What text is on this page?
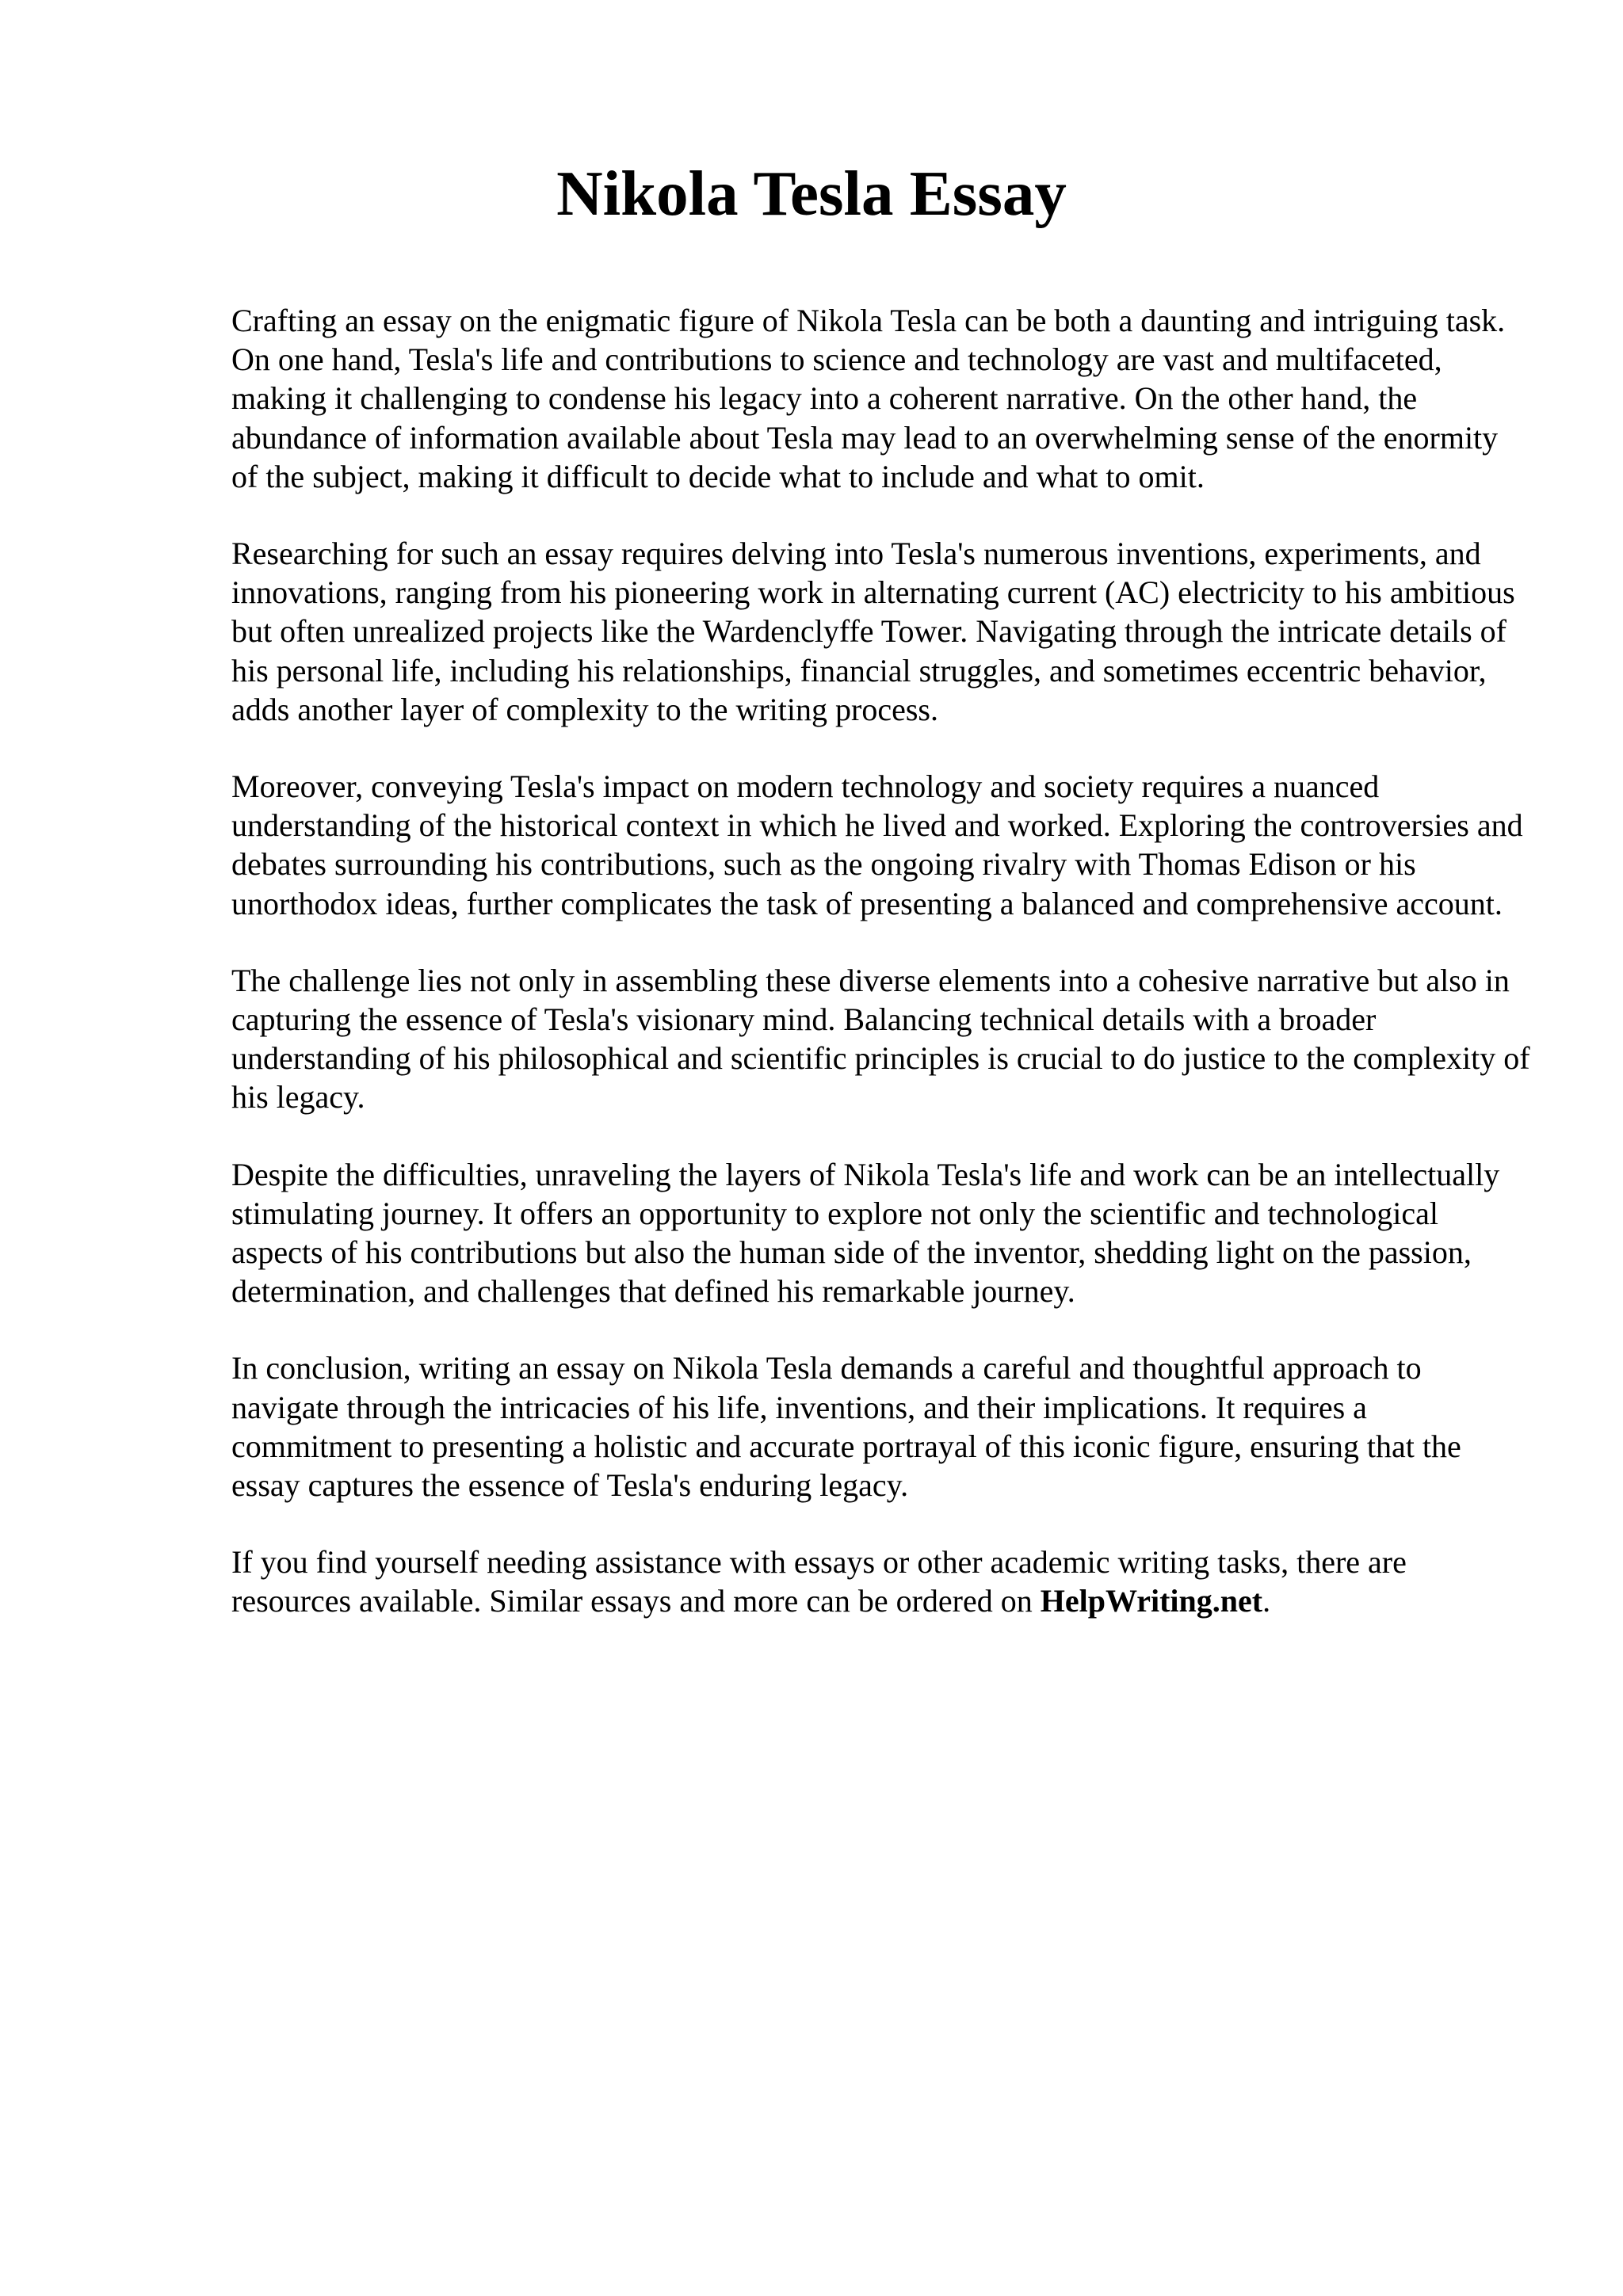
Nikola Tesla Essay

Crafting an essay on the enigmatic figure of Nikola Tesla can be both a daunting and intriguing task. On one hand, Tesla's life and contributions to science and technology are vast and multifaceted, making it challenging to condense his legacy into a coherent narrative. On the other hand, the abundance of information available about Tesla may lead to an overwhelming sense of the enormity of the subject, making it difficult to decide what to include and what to omit.

Researching for such an essay requires delving into Tesla's numerous inventions, experiments, and innovations, ranging from his pioneering work in alternating current (AC) electricity to his ambitious but often unrealized projects like the Wardenclyffe Tower. Navigating through the intricate details of his personal life, including his relationships, financial struggles, and sometimes eccentric behavior, adds another layer of complexity to the writing process.

Moreover, conveying Tesla's impact on modern technology and society requires a nuanced understanding of the historical context in which he lived and worked. Exploring the controversies and debates surrounding his contributions, such as the ongoing rivalry with Thomas Edison or his unorthodox ideas, further complicates the task of presenting a balanced and comprehensive account.

The challenge lies not only in assembling these diverse elements into a cohesive narrative but also in capturing the essence of Tesla's visionary mind. Balancing technical details with a broader understanding of his philosophical and scientific principles is crucial to do justice to the complexity of his legacy.

Despite the difficulties, unraveling the layers of Nikola Tesla's life and work can be an intellectually stimulating journey. It offers an opportunity to explore not only the scientific and technological aspects of his contributions but also the human side of the inventor, shedding light on the passion, determination, and challenges that defined his remarkable journey.

In conclusion, writing an essay on Nikola Tesla demands a careful and thoughtful approach to navigate through the intricacies of his life, inventions, and their implications. It requires a commitment to presenting a holistic and accurate portrayal of this iconic figure, ensuring that the essay captures the essence of Tesla's enduring legacy.

If you find yourself needing assistance with essays or other academic writing tasks, there are resources available. Similar essays and more can be ordered on HelpWriting.net.
